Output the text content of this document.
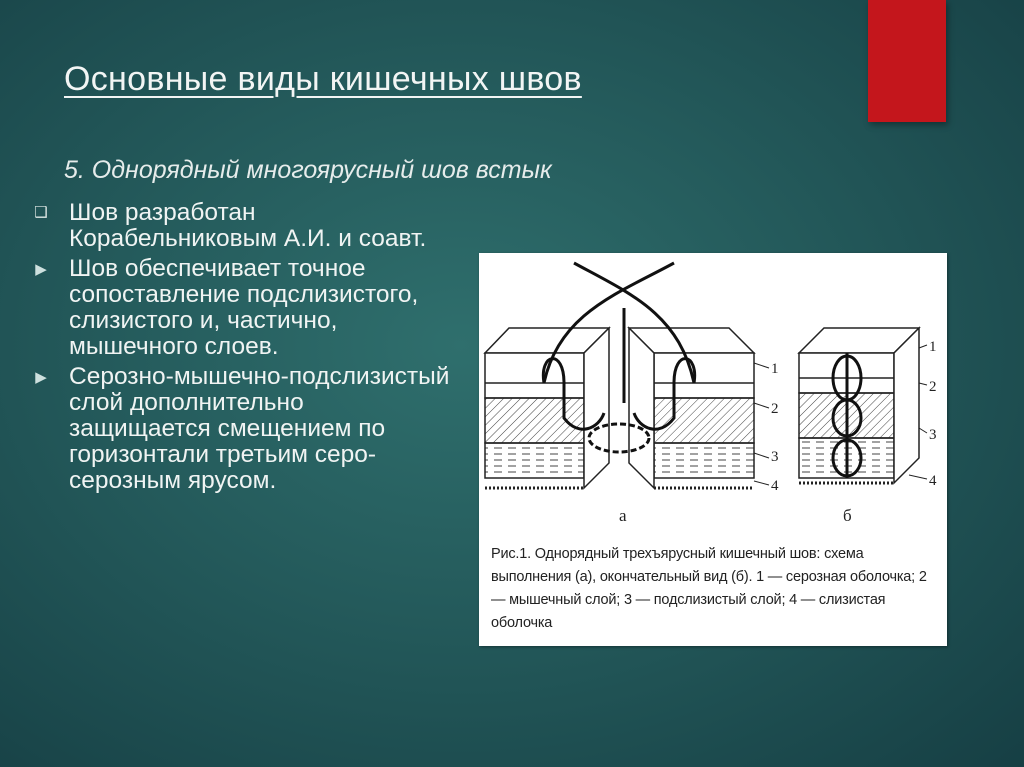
Основные виды кишечных швов
5. Однорядный многоярусный шов встык
❑ Шов разработан Корабельниковым А.И. и соавт.
▶ Шов обеспечивает точное сопоставление подслизистого, слизистого и, частично, мышечного слоев.
▶ Серозно-мышечно-подслизистый слой дополнительно защищается смещением по горизонтали третьим серо-серозным ярусом.
1
2
3
4
а
1
2
3
4
б
Рис.1. Однорядный трехъярусный кишечный шов: схема выполнения (а), окончательный вид (б). 1 — серозная оболочка; 2 — мышечный слой; 3 — подслизистый слой; 4 — слизистая оболочка
